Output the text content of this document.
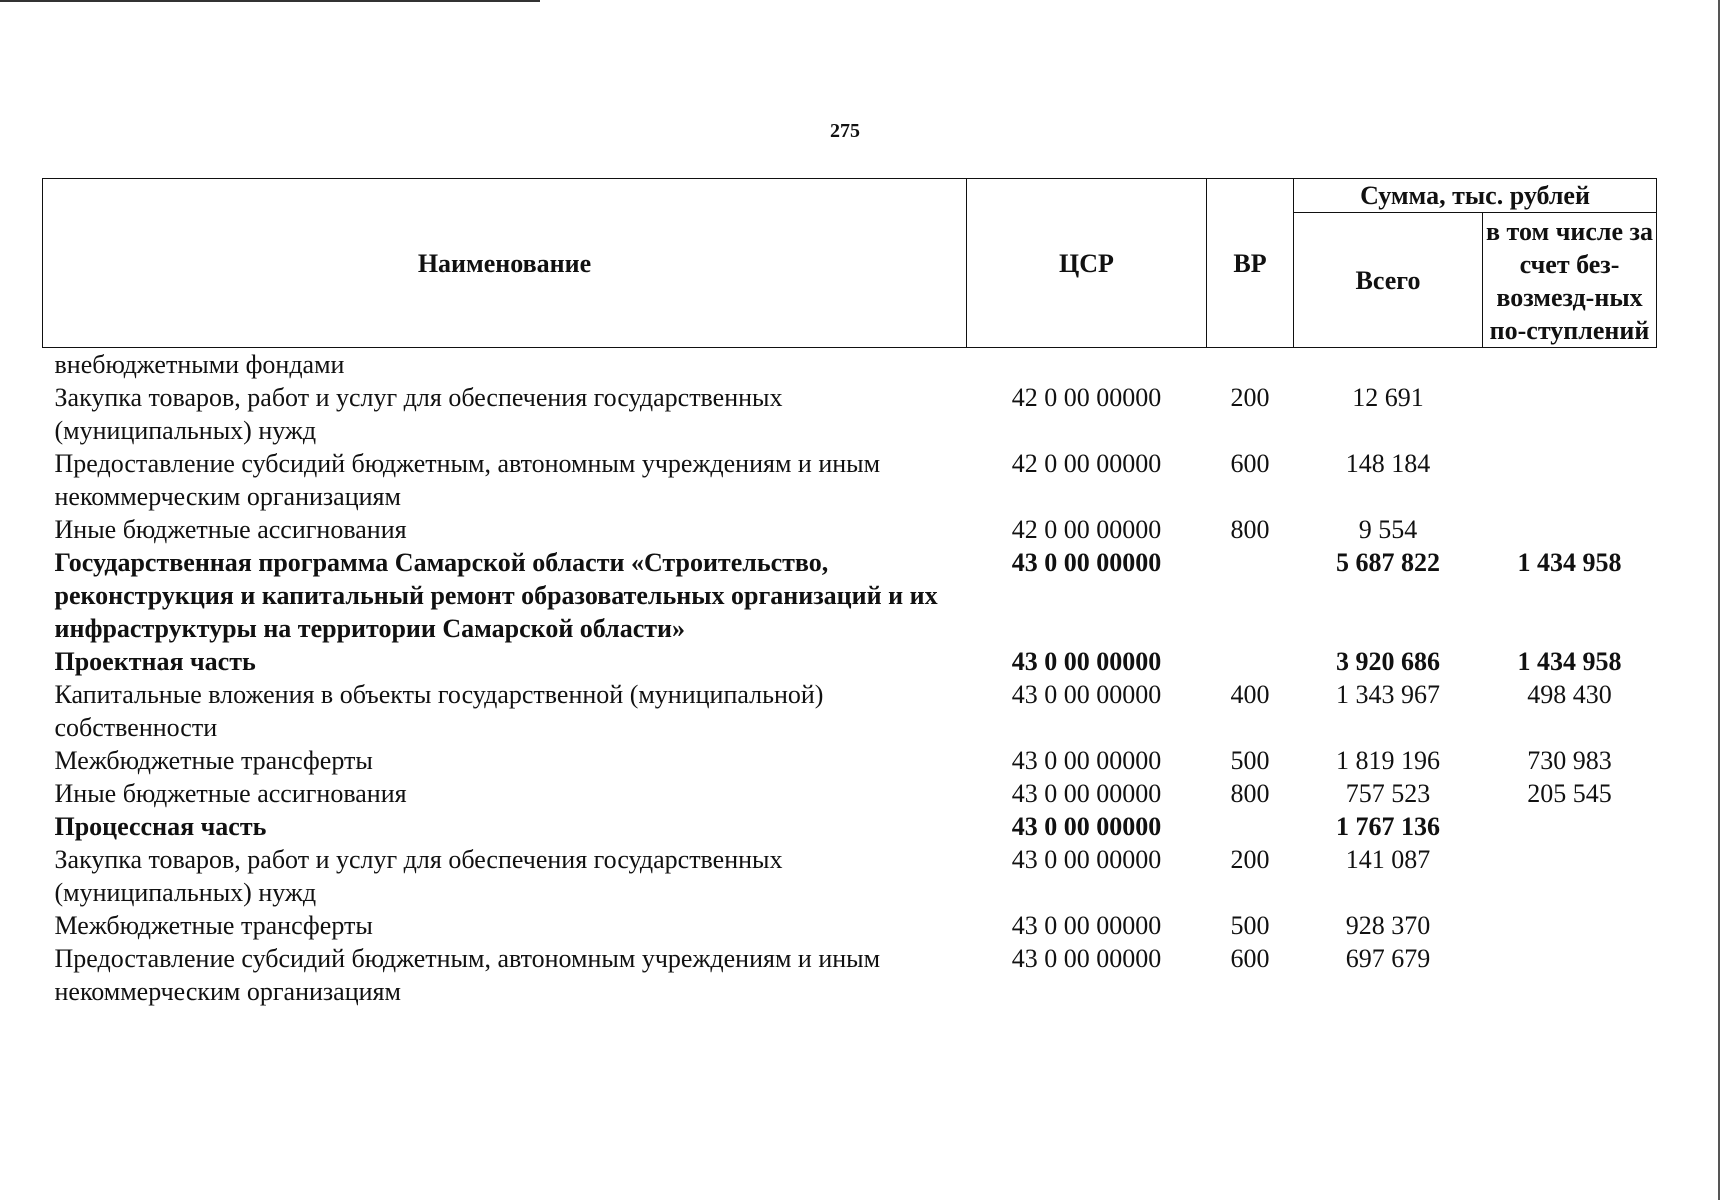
275
Наименование	ЦСР	ВР	Сумма, тыс. рублей	
			Всего	в том числе за счет без-возмезд-ных по-ступлений
внебюджетными фондами				
Закупка товаров, работ и услуг для обеспечения государственных (муниципальных) нужд	42 0 00 00000	200	12 691	
Предоставление субсидий бюджетным, автономным учреждениям и иным некоммерческим организациям	42 0 00 00000	600	148 184	
Иные бюджетные ассигнования	42 0 00 00000	800	9 554	
Государственная программа Самарской области «Строительство, реконструкция и капитальный ремонт образовательных организаций и их инфраструктуры на территории Самарской области»	43 0 00 00000		5 687 822	1 434 958
Проектная часть	43 0 00 00000		3 920 686	1 434 958
Капитальные вложения в объекты государственной (муниципальной) собственности	43 0 00 00000	400	1 343 967	498 430
Межбюджетные трансферты	43 0 00 00000	500	1 819 196	730 983
Иные бюджетные ассигнования	43 0 00 00000	800	757 523	205 545
Процессная часть	43 0 00 00000		1 767 136	
Закупка товаров, работ и услуг для обеспечения государственных (муниципальных) нужд	43 0 00 00000	200	141 087	
Межбюджетные трансферты	43 0 00 00000	500	928 370	
Предоставление субсидий бюджетным, автономным учреждениям и иным некоммерческим организациям	43 0 00 00000	600	697 679	
